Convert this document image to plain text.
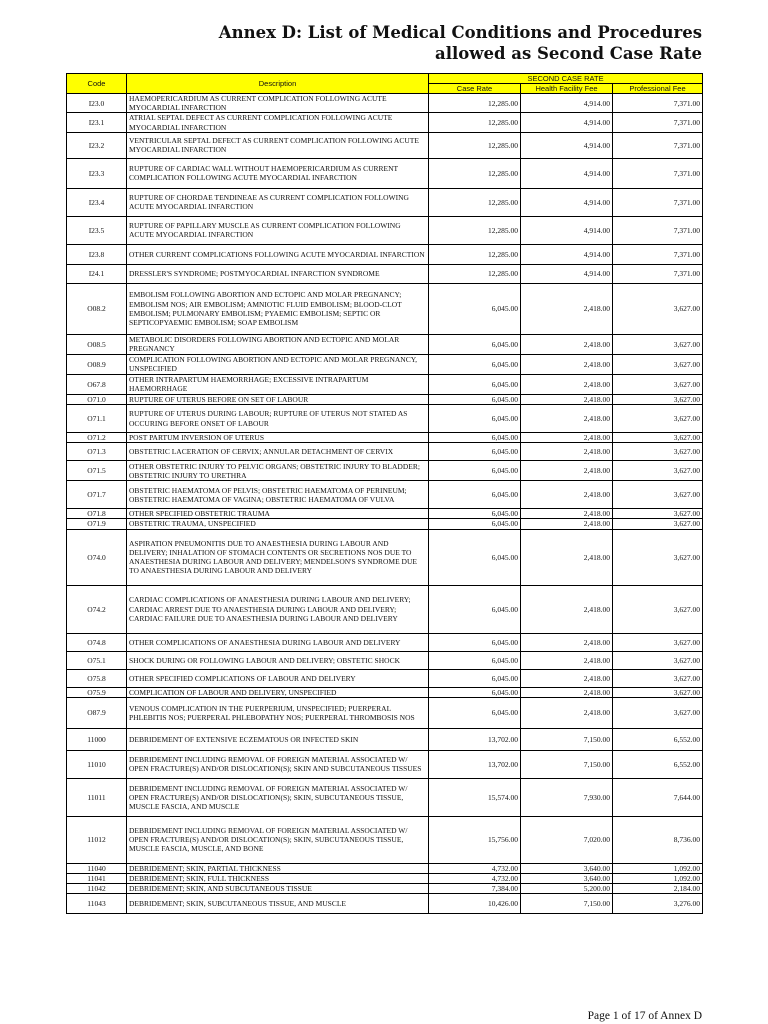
Annex D: List of Medical Conditions and Procedures
allowed as Second Case Rate
Code	Description	SECOND CASE RATE		
		Case Rate	Health Facility Fee	Professional Fee
I23.0	HAEMOPERICARDIUM AS CURRENT COMPLICATION FOLLOWING ACUTE MYOCARDIAL INFARCTION	12,285.00	4,914.00	7,371.00
I23.1	ATRIAL SEPTAL DEFECT AS CURRENT COMPLICATION FOLLOWING ACUTE MYOCARDIAL INFARCTION	12,285.00	4,914.00	7,371.00
I23.2	VENTRICULAR SEPTAL DEFECT AS CURRENT COMPLICATION FOLLOWING ACUTE MYOCARDIAL INFARCTION	12,285.00	4,914.00	7,371.00
I23.3	RUPTURE OF CARDIAC WALL WITHOUT HAEMOPERICARDIUM AS CURRENT COMPLICATION FOLLOWING ACUTE MYOCARDIAL INFARCTION	12,285.00	4,914.00	7,371.00
I23.4	RUPTURE OF CHORDAE TENDINEAE AS CURRENT COMPLICATION FOLLOWING ACUTE MYOCARDIAL INFARCTION	12,285.00	4,914.00	7,371.00
I23.5	RUPTURE OF PAPILLARY MUSCLE AS CURRENT COMPLICATION FOLLOWING ACUTE MYOCARDIAL INFARCTION	12,285.00	4,914.00	7,371.00
I23.8	OTHER CURRENT COMPLICATIONS FOLLOWING ACUTE MYOCARDIAL INFARCTION	12,285.00	4,914.00	7,371.00
I24.1	DRESSLER'S SYNDROME; POSTMYOCARDIAL INFARCTION SYNDROME	12,285.00	4,914.00	7,371.00
O08.2	EMBOLISM FOLLOWING ABORTION AND ECTOPIC AND MOLAR PREGNANCY; EMBOLISM NOS; AIR EMBOLISM; AMNIOTIC FLUID EMBOLISM; BLOOD-CLOT EMBOLISM; PULMONARY EMBOLISM; PYAEMIC EMBOLISM; SEPTIC OR SEPTICOPYAEMIC EMBOLISM; SOAP EMBOLISM	6,045.00	2,418.00	3,627.00
O08.5	METABOLIC DISORDERS FOLLOWING ABORTION AND ECTOPIC AND MOLAR PREGNANCY	6,045.00	2,418.00	3,627.00
O08.9	COMPLICATION FOLLOWING ABORTION AND ECTOPIC AND MOLAR PREGNANCY, UNSPECIFIED	6,045.00	2,418.00	3,627.00
O67.8	OTHER INTRAPARTUM HAEMORRHAGE; EXCESSIVE INTRAPARTUM HAEMORRHAGE	6,045.00	2,418.00	3,627.00
O71.0	RUPTURE OF UTERUS BEFORE ON SET OF LABOUR	6,045.00	2,418.00	3,627.00
O71.1	RUPTURE OF UTERUS DURING LABOUR; RUPTURE OF UTERUS NOT STATED AS OCCURING BEFORE ONSET OF LABOUR	6,045.00	2,418.00	3,627.00
O71.2	POST PARTUM INVERSION OF UTERUS	6,045.00	2,418.00	3,627.00
O71.3	OBSTETRIC LACERATION OF CERVIX; ANNULAR DETACHMENT OF CERVIX	6,045.00	2,418.00	3,627.00
O71.5	OTHER OBSTETRIC INJURY TO PELVIC ORGANS; OBSTETRIC INJURY TO BLADDER; OBSTETRIC INJURY TO URETHRA	6,045.00	2,418.00	3,627.00
O71.7	OBSTETRIC HAEMATOMA OF PELVIS; OBSTETRIC HAEMATOMA OF PERINEUM; OBSTETRIC HAEMATOMA OF VAGINA; OBSTETRIC HAEMATOMA OF VULVA	6,045.00	2,418.00	3,627.00
O71.8	OTHER SPECIFIED OBSTETRIC TRAUMA	6,045.00	2,418.00	3,627.00
O71.9	OBSTETRIC TRAUMA, UNSPECIFIED	6,045.00	2,418.00	3,627.00
O74.0	ASPIRATION PNEUMONITIS DUE TO ANAESTHESIA DURING LABOUR AND DELIVERY; INHALATION OF STOMACH CONTENTS OR SECRETIONS NOS DUE TO ANAESTHESIA DURING LABOUR AND DELIVERY; MENDELSON'S SYNDROME DUE TO ANAESTHESIA DURING LABOUR AND DELIVERY	6,045.00	2,418.00	3,627.00
O74.2	CARDIAC COMPLICATIONS OF ANAESTHESIA DURING LABOUR AND DELIVERY; CARDIAC ARREST DUE TO ANAESTHESIA DURING LABOUR AND DELIVERY; CARDIAC FAILURE DUE TO ANAESTHESIA DURING LABOUR AND DELIVERY	6,045.00	2,418.00	3,627.00
O74.8	OTHER COMPLICATIONS OF ANAESTHESIA DURING LABOUR AND DELIVERY	6,045.00	2,418.00	3,627.00
O75.1	SHOCK DURING OR FOLLOWING LABOUR AND DELIVERY; OBSTETIC SHOCK	6,045.00	2,418.00	3,627.00
O75.8	OTHER SPECIFIED COMPLICATIONS OF LABOUR AND DELIVERY	6,045.00	2,418.00	3,627.00
O75.9	COMPLICATION OF LABOUR AND DELIVERY, UNSPECIFIED	6,045.00	2,418.00	3,627.00
O87.9	VENOUS COMPLICATION IN THE PUERPERIUM, UNSPECIFIED; PUERPERAL PHLEBITIS NOS; PUERPERAL PHLEBOPATHY NOS; PUERPERAL THROMBOSIS NOS	6,045.00	2,418.00	3,627.00
11000	DEBRIDEMENT OF EXTENSIVE ECZEMATOUS OR INFECTED SKIN	13,702.00	7,150.00	6,552.00
11010	DEBRIDEMENT INCLUDING REMOVAL OF FOREIGN MATERIAL ASSOCIATED W/ OPEN FRACTURE(S) AND/OR DISLOCATION(S); SKIN AND SUBCUTANEOUS TISSUES	13,702.00	7,150.00	6,552.00
11011	DEBRIDEMENT INCLUDING REMOVAL OF FOREIGN MATERIAL ASSOCIATED W/ OPEN FRACTURE(S) AND/OR DISLOCATION(S); SKIN, SUBCUTANEOUS TISSUE, MUSCLE FASCIA, AND MUSCLE	15,574.00	7,930.00	7,644.00
11012	DEBRIDEMENT INCLUDING REMOVAL OF FOREIGN MATERIAL ASSOCIATED W/ OPEN FRACTURE(S) AND/OR DISLOCATION(S); SKIN, SUBCUTANEOUS TISSUE, MUSCLE FASCIA, MUSCLE, AND BONE	15,756.00	7,020.00	8,736.00
11040	DEBRIDEMENT; SKIN, PARTIAL THICKNESS	4,732.00	3,640.00	1,092.00
11041	DEBRIDEMENT; SKIN, FULL THICKNESS	4,732.00	3,640.00	1,092.00
11042	DEBRIDEMENT; SKIN, AND SUBCUTANEOUS TISSUE	7,384.00	5,200.00	2,184.00
11043	DEBRIDEMENT; SKIN, SUBCUTANEOUS TISSUE, AND MUSCLE	10,426.00	7,150.00	3,276.00
Page 1 of 17 of Annex D
